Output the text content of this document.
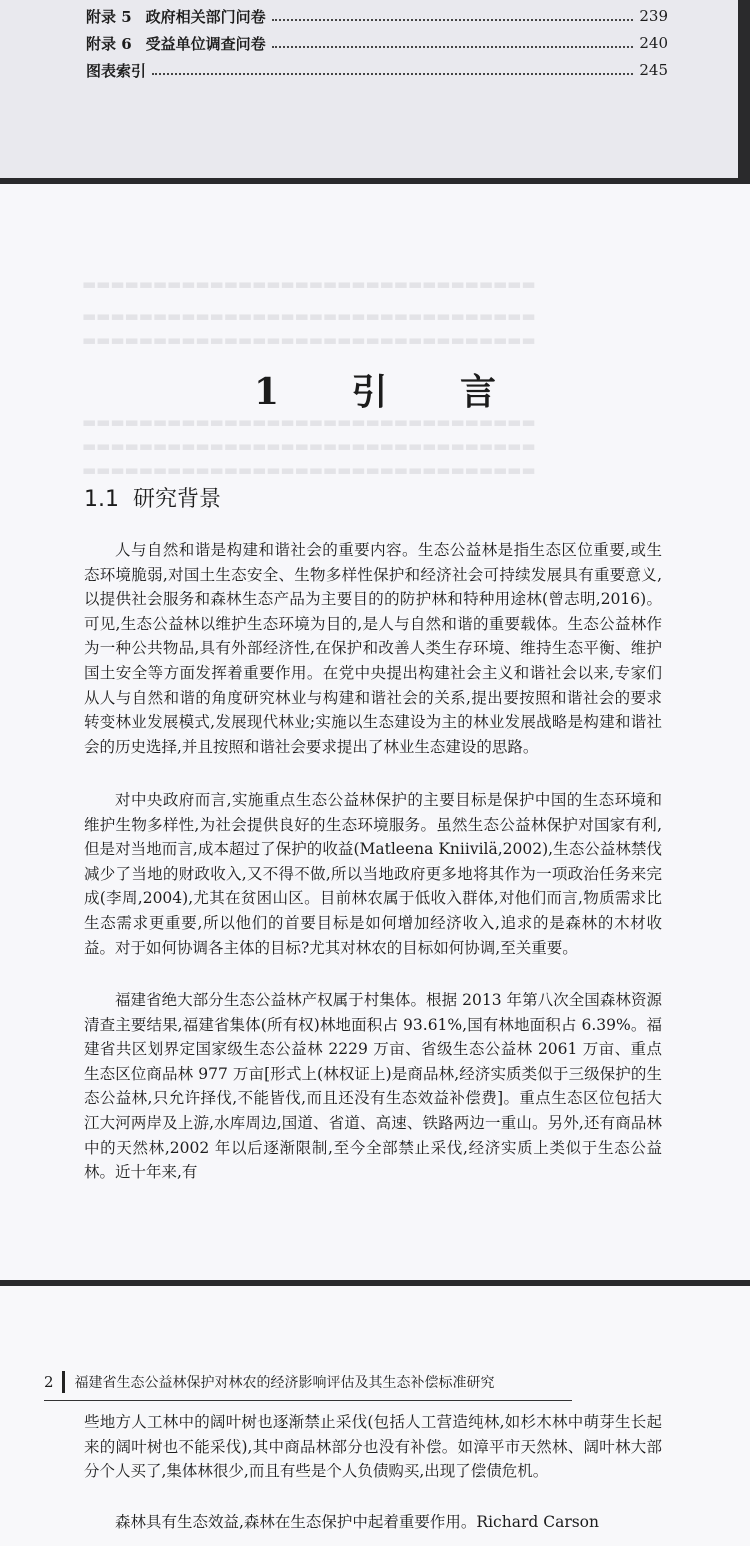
附录 5 政府相关部门问卷	239
附录 6 受益单位调查问卷	240
图表索引	245
▬▬▬▬▬▬▬▬▬▬▬▬▬▬▬▬▬▬▬▬▬▬▬▬▬▬▬▬▬▬▬▬
▬▬▬▬▬▬▬▬▬▬▬▬▬▬▬▬▬▬▬▬▬▬▬▬▬▬▬▬▬▬▬▬
▬▬▬▬▬▬▬▬▬▬▬▬▬▬▬▬▬▬▬▬▬▬▬▬▬▬▬▬▬▬▬▬
▬▬▬▬▬▬▬▬▬▬▬▬▬▬▬▬▬▬▬▬▬▬▬▬▬▬▬▬▬▬▬▬
▬▬▬▬▬▬▬▬▬▬▬▬▬▬▬▬▬▬▬▬▬▬▬▬▬▬▬▬▬▬▬▬
▬▬▬▬▬▬▬▬▬▬▬▬▬▬▬▬▬▬▬▬▬▬▬▬▬▬▬▬▬▬▬▬
1 引 言
1.1 研究背景

人与自然和谐是构建和谐社会的重要内容。生态公益林是指生态区位重要,或生态环境脆弱,对国土生态安全、生物多样性保护和经济社会可持续发展具有重要意义,以提供社会服务和森林生态产品为主要目的的防护林和特种用途林(曾志明,2016)。可见,生态公益林以维护生态环境为目的,是人与自然和谐的重要载体。生态公益林作为一种公共物品,具有外部经济性,在保护和改善人类生存环境、维持生态平衡、维护国土安全等方面发挥着重要作用。在党中央提出构建社会主义和谐社会以来,专家们从人与自然和谐的角度研究林业与构建和谐社会的关系,提出要按照和谐社会的要求转变林业发展模式,发展现代林业;实施以生态建设为主的林业发展战略是构建和谐社会的历史选择,并且按照和谐社会要求提出了林业生态建设的思路。

对中央政府而言,实施重点生态公益林保护的主要目标是保护中国的生态环境和维护生物多样性,为社会提供良好的生态环境服务。虽然生态公益林保护对国家有利,但是对当地而言,成本超过了保护的收益(Matleena Kniivilä,2002),生态公益林禁伐减少了当地的财政收入,又不得不做,所以当地政府更多地将其作为一项政治任务来完成(李周,2004),尤其在贫困山区。目前林农属于低收入群体,对他们而言,物质需求比生态需求更重要,所以他们的首要目标是如何增加经济收入,追求的是森林的木材收益。对于如何协调各主体的目标?尤其对林农的目标如何协调,至关重要。

福建省绝大部分生态公益林产权属于村集体。根据 2013 年第八次全国森林资源清查主要结果,福建省集体(所有权)林地面积占 93.61%,国有林地面积占 6.39%。福建省共区划界定国家级生态公益林 2229 万亩、省级生态公益林 2061 万亩、重点生态区位商品林 977 万亩[形式上(林权证上)是商品林,经济实质类似于三级保护的生态公益林,只允许择伐,不能皆伐,而且还没有生态效益补偿费]。重点生态区位包括大江大河两岸及上游,水库周边,国道、省道、高速、铁路两边一重山。另外,还有商品林中的天然林,2002 年以后逐渐限制,至今全部禁止采伐,经济实质上类似于生态公益林。近十年来,有

2 福建省生态公益林保护对林农的经济影响评估及其生态补偿标准研究

些地方人工林中的阔叶树也逐渐禁止采伐(包括人工营造纯林,如杉木林中萌芽生长起来的阔叶树也不能采伐),其中商品林部分也没有补偿。如漳平市天然林、阔叶林大部分个人买了,集体林很少,而且有些是个人负债购买,出现了偿债危机。

森林具有生态效益,森林在生态保护中起着重要作用。Richard Carson
